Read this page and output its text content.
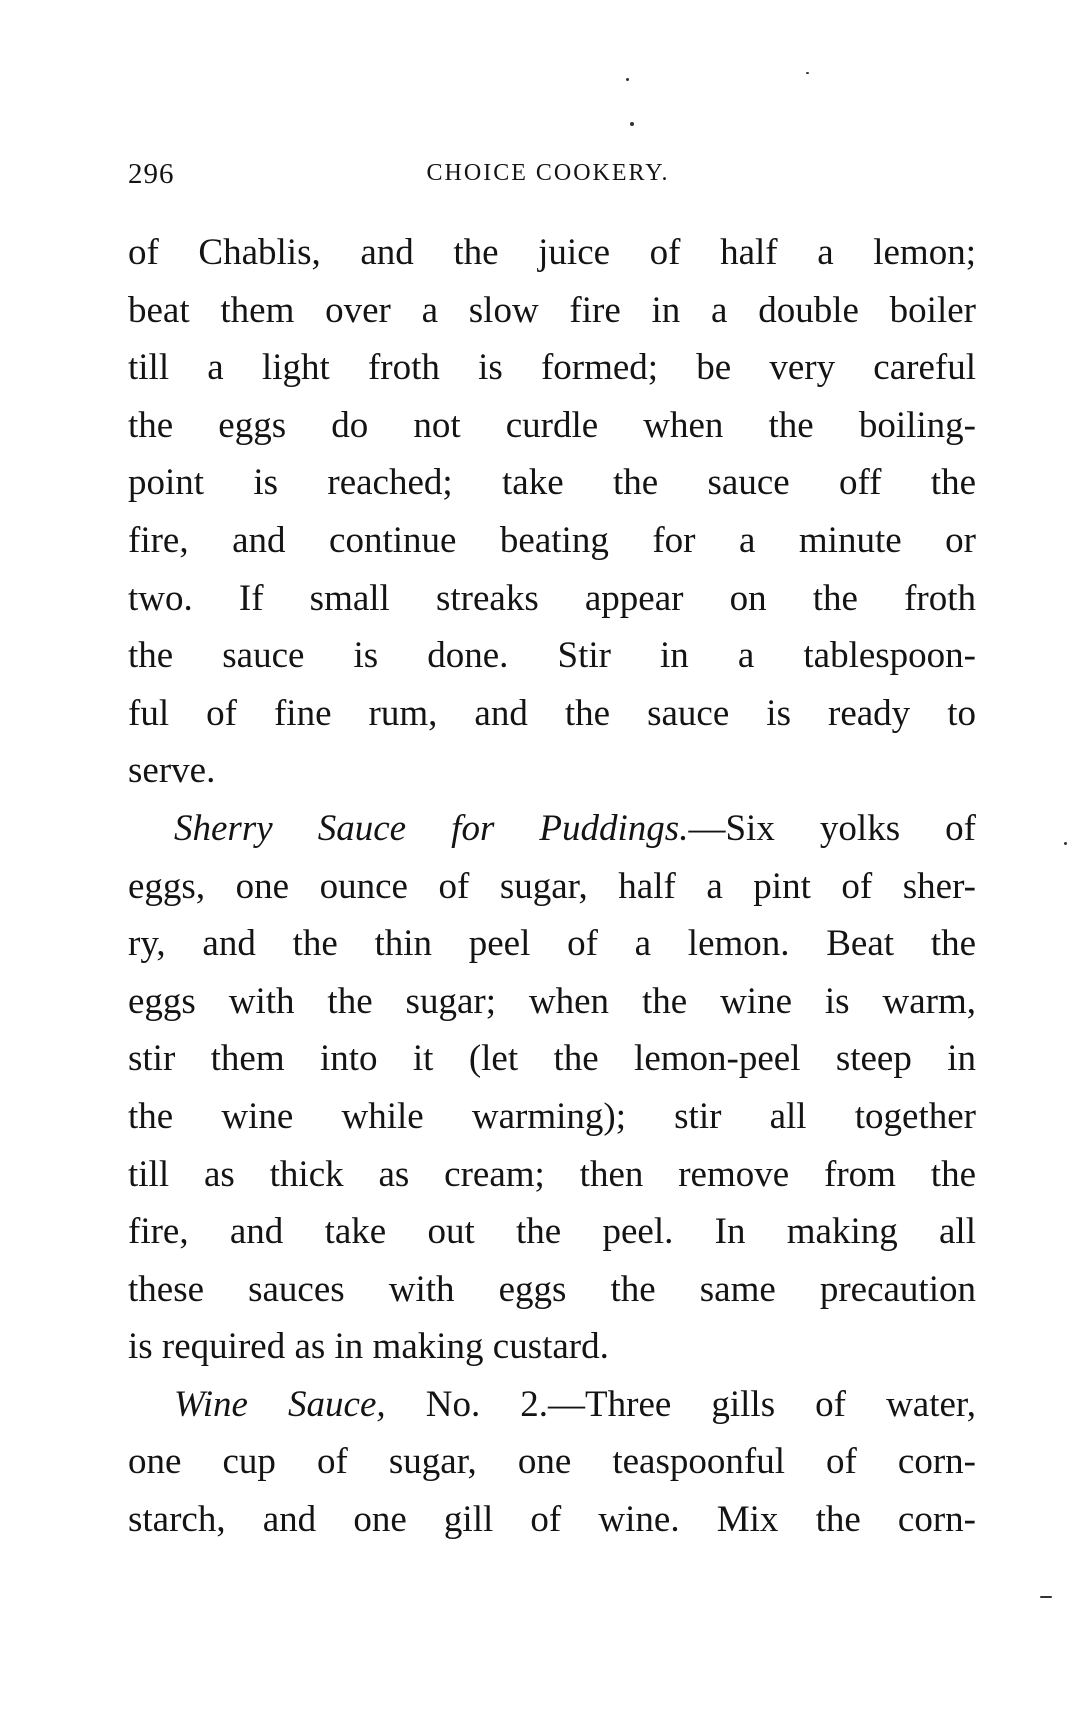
296	CHOICE COOKERY.
of Chablis, and the juice of half a lemon;
beat them over a slow fire in a double boiler
till a light froth is formed; be very careful
the eggs do not curdle when the boiling-
point is reached; take the sauce off the
fire, and continue beating for a minute or
two. If small streaks appear on the froth
the sauce is done. Stir in a tablespoon-
ful of fine rum, and the sauce is ready to
serve.
Sherry Sauce for Puddings.—Six yolks of
eggs, one ounce of sugar, half a pint of sher-
ry, and the thin peel of a lemon. Beat the
eggs with the sugar; when the wine is warm,
stir them into it (let the lemon-peel steep in
the wine while warming); stir all together
till as thick as cream; then remove from the
fire, and take out the peel. In making all
these sauces with eggs the same precaution
is required as in making custard.
Wine Sauce, No. 2.—Three gills of water,
one cup of sugar, one teaspoonful of corn-
starch, and one gill of wine. Mix the corn-
